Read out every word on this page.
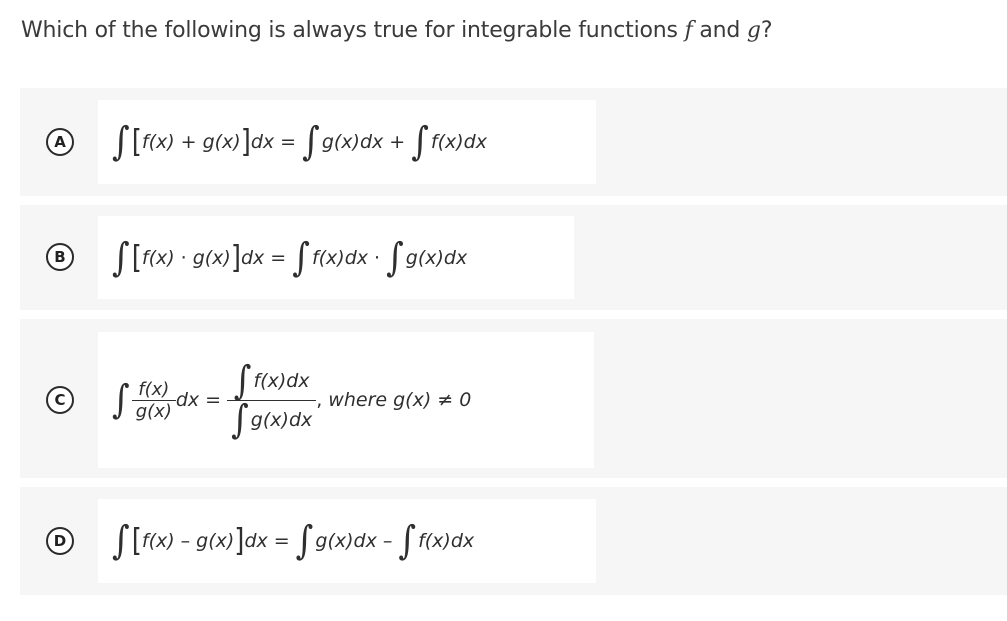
Which of the following is always true for integrable functions f and g?
A ∫ [ f(x) + g(x) ] dx = ∫ g(x) dx + ∫ f(x) dx
B ∫ [ f(x) · g(x) ] dx = ∫ f(x) dx · ∫ g(x) dx
C ∫ $\frac{f(x)}{g(x)}$ dx = $\frac{\int f(x) dx}{\int g(x) dx}$ , where g(x) ≠ 0
D ∫ [ f(x) – g(x) ] dx = ∫ g(x) dx – ∫ f(x) dx
